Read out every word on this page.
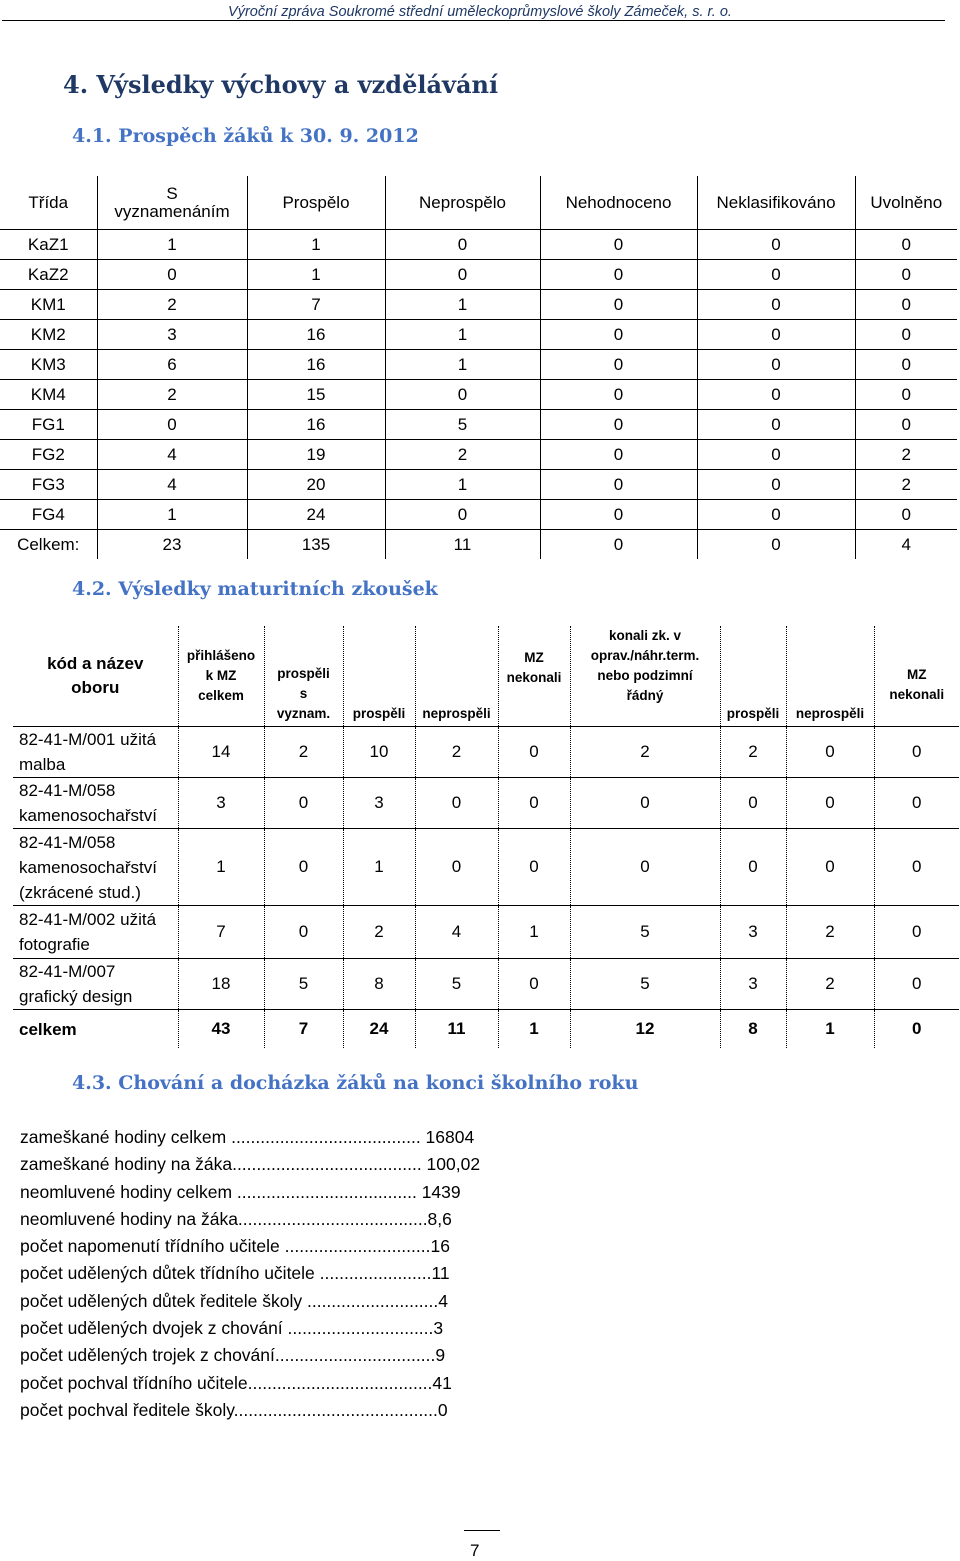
Výroční zpráva Soukromé střední uměleckoprůmyslové školy Zámeček, s. r. o.
4. Výsledky výchovy a vzdělávání
4.1. Prospěch žáků k 30. 9. 2012
Třída	S vyznamenáním	Prospělo	Neprospělo	Nehodnoceno	Neklasifikováno	Uvolněno
KaZ1	1	1	0	0	0	0
KaZ2	0	1	0	0	0	0
KM1	2	7	1	0	0	0
KM2	3	16	1	0	0	0
KM3	6	16	1	0	0	0
KM4	2	15	0	0	0	0
FG1	0	16	5	0	0	0
FG2	4	19	2	0	0	2
FG3	4	20	1	0	0	2
FG4	1	24	0	0	0	0
Celkem:	23	135	11	0	0	4
4.2. Výsledky maturitních zkoušek
kód a název oboru	přihlášeno k MZ celkem	prospěli s vyznam.	prospěli	neprospěli	MZ nekonali	konali zk. v oprav./náhr.term. nebo podzimní řádný	prospěli	neprospěli	MZ nekonali
82-41-M/001 užitá malba	14	2	10	2	0	2	2	0	0
82-41-M/058 kamenosochařství	3	0	3	0	0	0	0	0	0
82-41-M/058 kamenosochařství (zkrácené stud.)	1	0	1	0	0	0	0	0	0
82-41-M/002 užitá fotografie	7	0	2	4	1	5	3	2	0
82-41-M/007 grafický design	18	5	8	5	0	5	3	2	0
celkem	43	7	24	11	1	12	8	1	0
4.3. Chování a docházka žáků na konci školního roku
zameškané hodiny celkem ....................................... 16804
zameškané hodiny na žáka....................................... 100,02
neomluvené hodiny celkem ..................................... 1439
neomluvené hodiny na žáka.......................................8,6
počet napomenutí třídního učitele ..............................16
počet udělených důtek třídního učitele .......................11
počet udělených důtek ředitele školy ...........................4
počet udělených dvojek z chování ..............................3
počet udělených trojek z chování.................................9
počet pochval třídního učitele......................................41
počet pochval ředitele školy..........................................0
7
